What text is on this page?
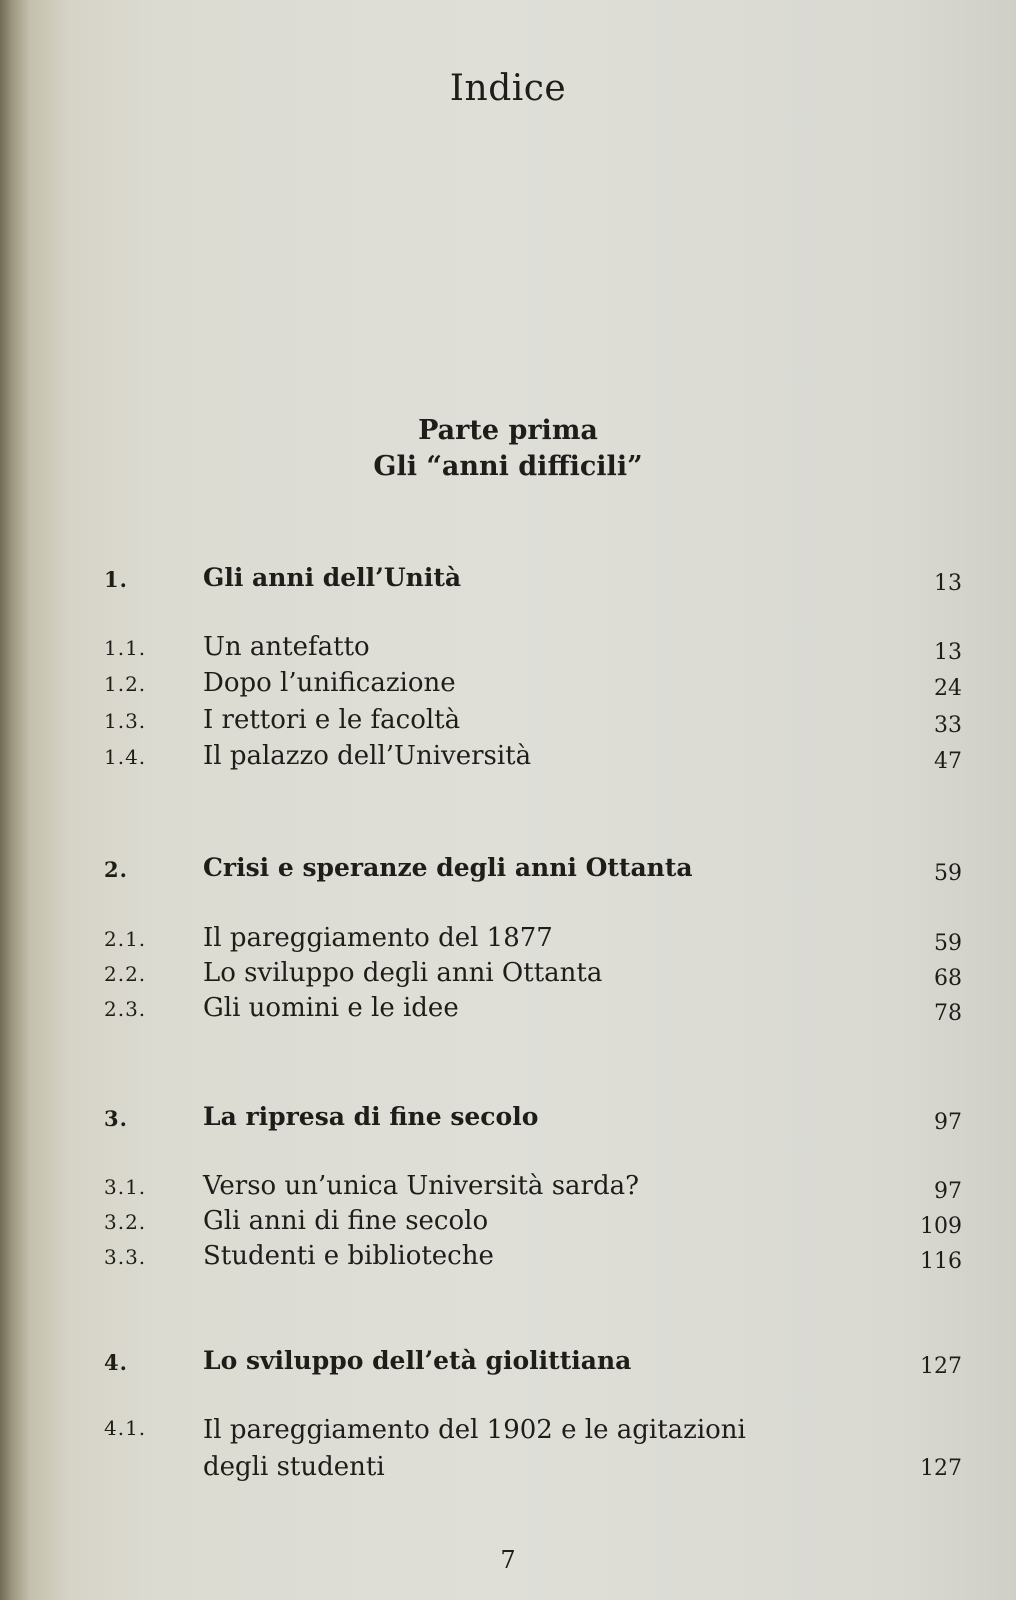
Indice
Parte prima
Gli “anni difficili”
1.	Gli anni dell’Unità	13
1.1. Un antefatto	13
1.2. Dopo l’unificazione	24
1.3. I rettori e le facoltà	33
1.4. Il palazzo dell’Università	47
2.	Crisi e speranze degli anni Ottanta	59
2.1. Il pareggiamento del 1877	59
2.2. Lo sviluppo degli anni Ottanta	68
2.3. Gli uomini e le idee	78
3.	La ripresa di fine secolo	97
3.1. Verso un’unica Università sarda?	97
3.2. Gli anni di fine secolo	109
3.3. Studenti e biblioteche	116
4.	Lo sviluppo dell’età giolittiana	127
4.1. Il pareggiamento del 1902 e le agitazioni degli studenti	127
7
